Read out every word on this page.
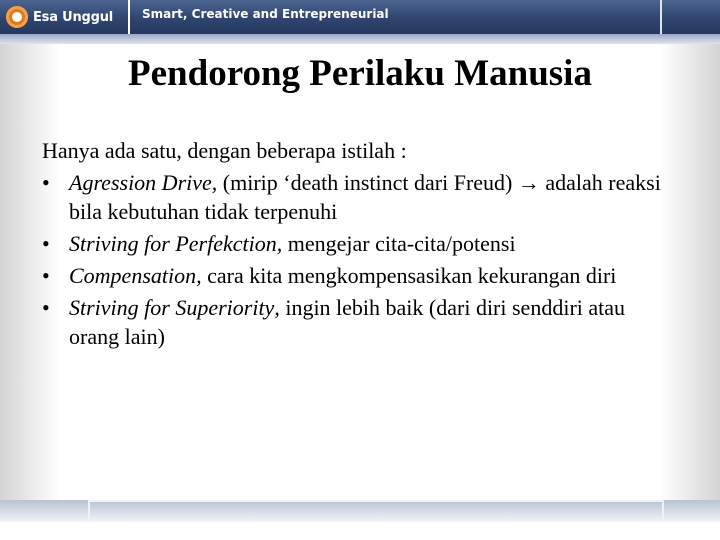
Esa Unggul Smart, Creative and Entrepreneurial
Pendorong Perilaku Manusia

Hanya ada satu, dengan beberapa istilah :

• Agression Drive, (mirip ‘death instinct dari Freud) → adalah reaksi bila kebutuhan tidak terpenuhi
• Striving for Perfekction, mengejar cita-cita/potensi
• Compensation, cara kita mengkompensasikan kekurangan diri
• Striving for Superiority, ingin lebih baik (dari diri senddiri atau orang lain)
